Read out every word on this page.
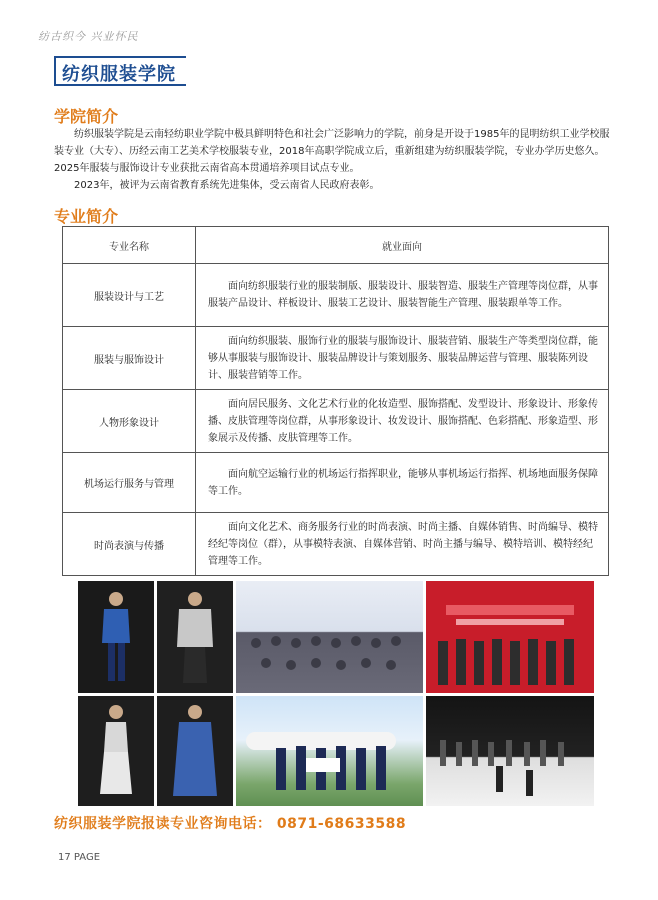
纺古织今 兴业怀民
纺织服装学院
学院简介

纺织服装学院是云南轻纺职业学院中极具鲜明特色和社会广泛影响力的学院，前身是开设于1985年的昆明纺织工业学校服装专业（大专）、历经云南工艺美术学校服装专业，2018年高职学院成立后，重新组建为纺织服装学院，专业办学历史悠久。2025年服装与服饰设计专业获批云南省高本贯通培养项目试点专业。

2023年，被评为云南省教育系统先进集体，受云南省人民政府表彰。

专业简介
专业名称	就业面向
服装设计与工艺	面向纺织服装行业的服装制版、服装设计、服装智造、服装生产管理等岗位群，从事服装产品设计、样板设计、服装工艺设计、服装智能生产管理、服装跟单等工作。
服装与服饰设计	面向纺织服装、服饰行业的服装与服饰设计、服装营销、服装生产等类型岗位群，能够从事服装与服饰设计、服装品牌设计与策划服务、服装品牌运营与管理、服装陈列设计、服装营销等工作。
人物形象设计	面向居民服务、文化艺术行业的化妆造型、服饰搭配、发型设计、形象设计、形象传播、皮肤管理等岗位群，从事形象设计、妆发设计、服饰搭配、色彩搭配、形象造型、形象展示及传播、皮肤管理等工作。
机场运行服务与管理	面向航空运输行业的机场运行指挥职业，能够从事机场运行指挥、机场地面服务保障等工作。
时尚表演与传播	面向文化艺术、商务服务行业的时尚表演、时尚主播、自媒体销售、时尚编导、模特经纪等岗位（群），从事模特表演、自媒体营销、时尚主播与编导、模特培训、模特经纪管理等工作。
纺织服装学院报读专业咨询电话： 0871-68633588
17 PAGE
